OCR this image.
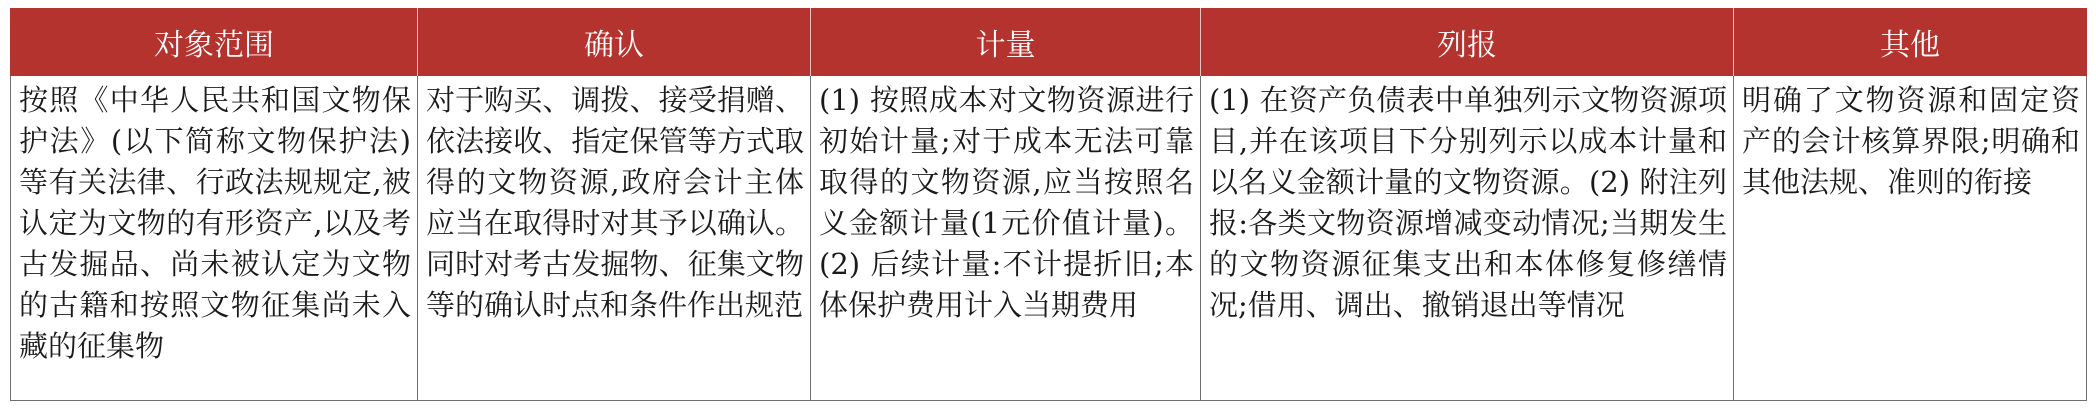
对象范围	确认	计量	列报	其他
按照《中华人民共和国文物保护法》(以下简称文物保护法)等有关法律、行政法规规定,被认定为文物的有形资产,以及考古发掘品、尚未被认定为文物的古籍和按照文物征集尚未入藏的征集物	对于购买、调拨、接受捐赠、依法接收、指定保管等方式取得的文物资源,政府会计主体应当在取得时对其予以确认。同时对考古发掘物、征集文物等的确认时点和条件作出规范	(1) 按照成本对文物资源进行初始计量;对于成本无法可靠取得的文物资源,应当按照名义金额计量(1元价值计量)。(2) 后续计量:不计提折旧;本体保护费用计入当期费用	(1) 在资产负债表中单独列示文物资源项目,并在该项目下分别列示以成本计量和以名义金额计量的文物资源。(2) 附注列报:各类文物资源增减变动情况;当期发生的文物资源征集支出和本体修复修缮情况;借用、调出、撤销退出等情况	明确了文物资源和固定资产的会计核算界限;明确和其他法规、准则的衔接
